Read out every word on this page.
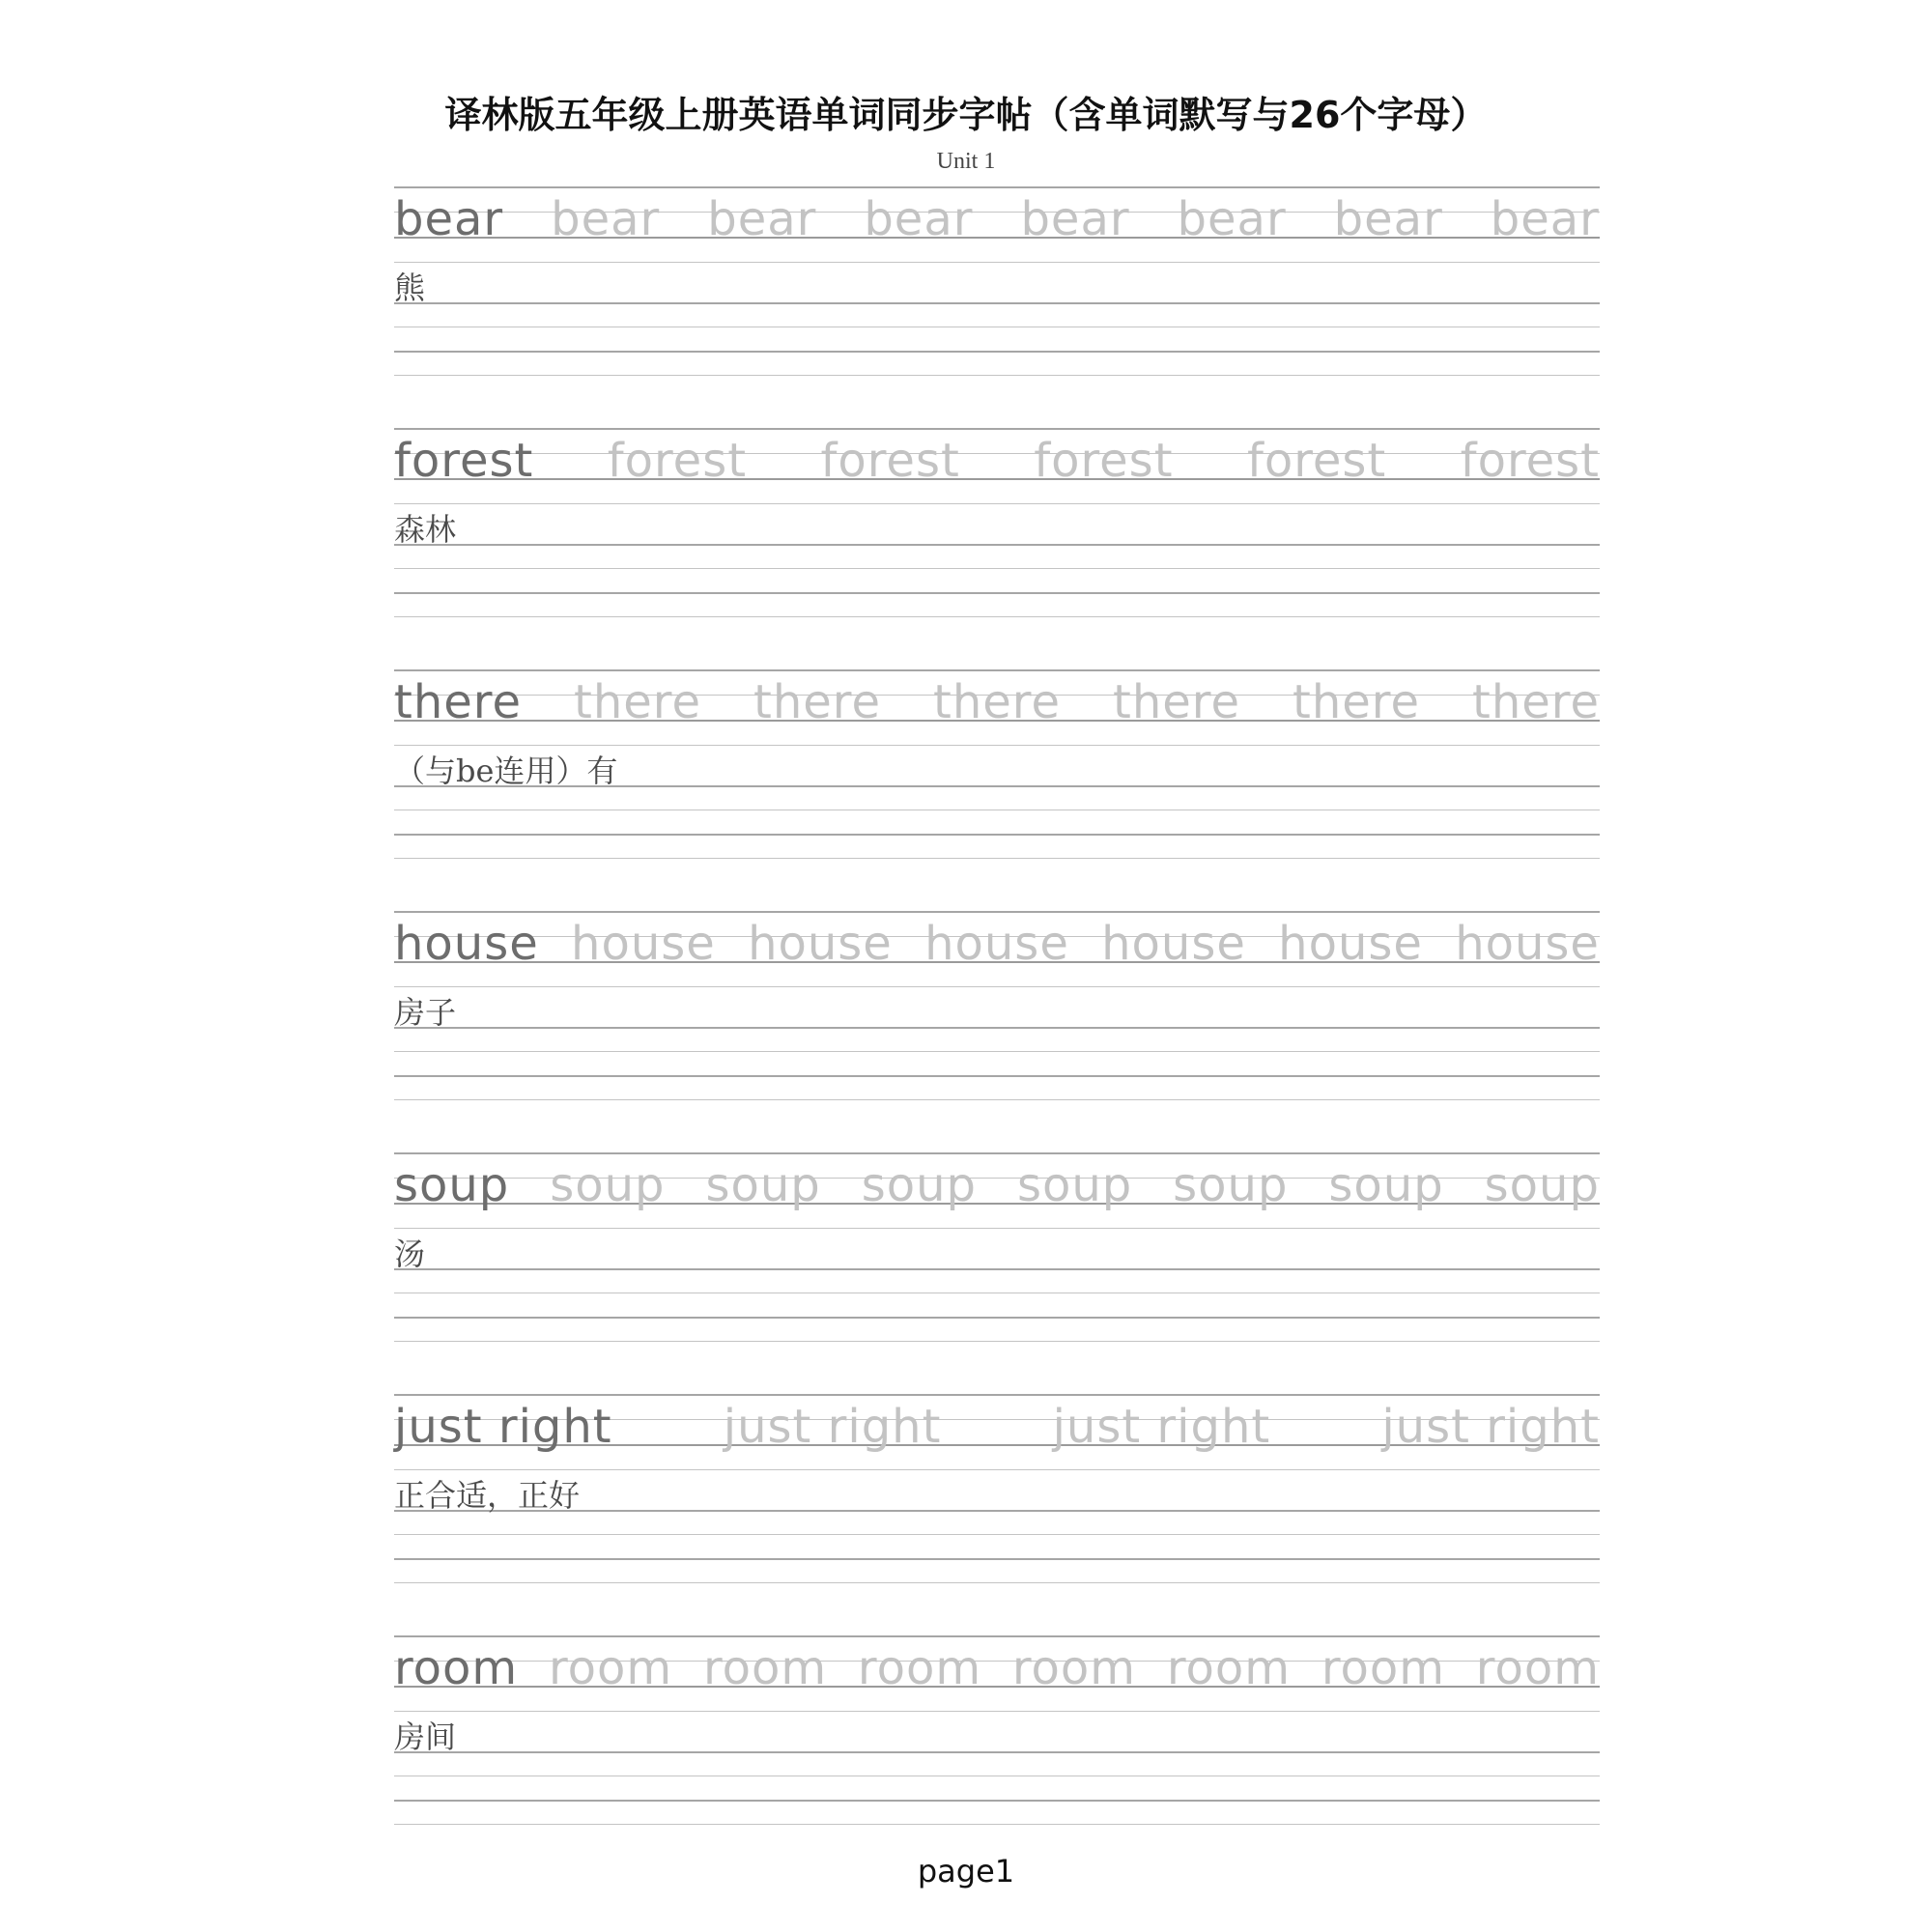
译林版五年级上册英语单词同步字帖（含单词默写与26个字母）
Unit 1
bear bear bear bear bear bear bear bear
熊
forest forest forest forest forest forest
森林
there there there there there there there
（与be连用）有
house house house house house house house
房子
soup soup soup soup soup soup soup soup
汤
just right just right just right just right
正合适，正好
room room room room room room room room
房间
page1
